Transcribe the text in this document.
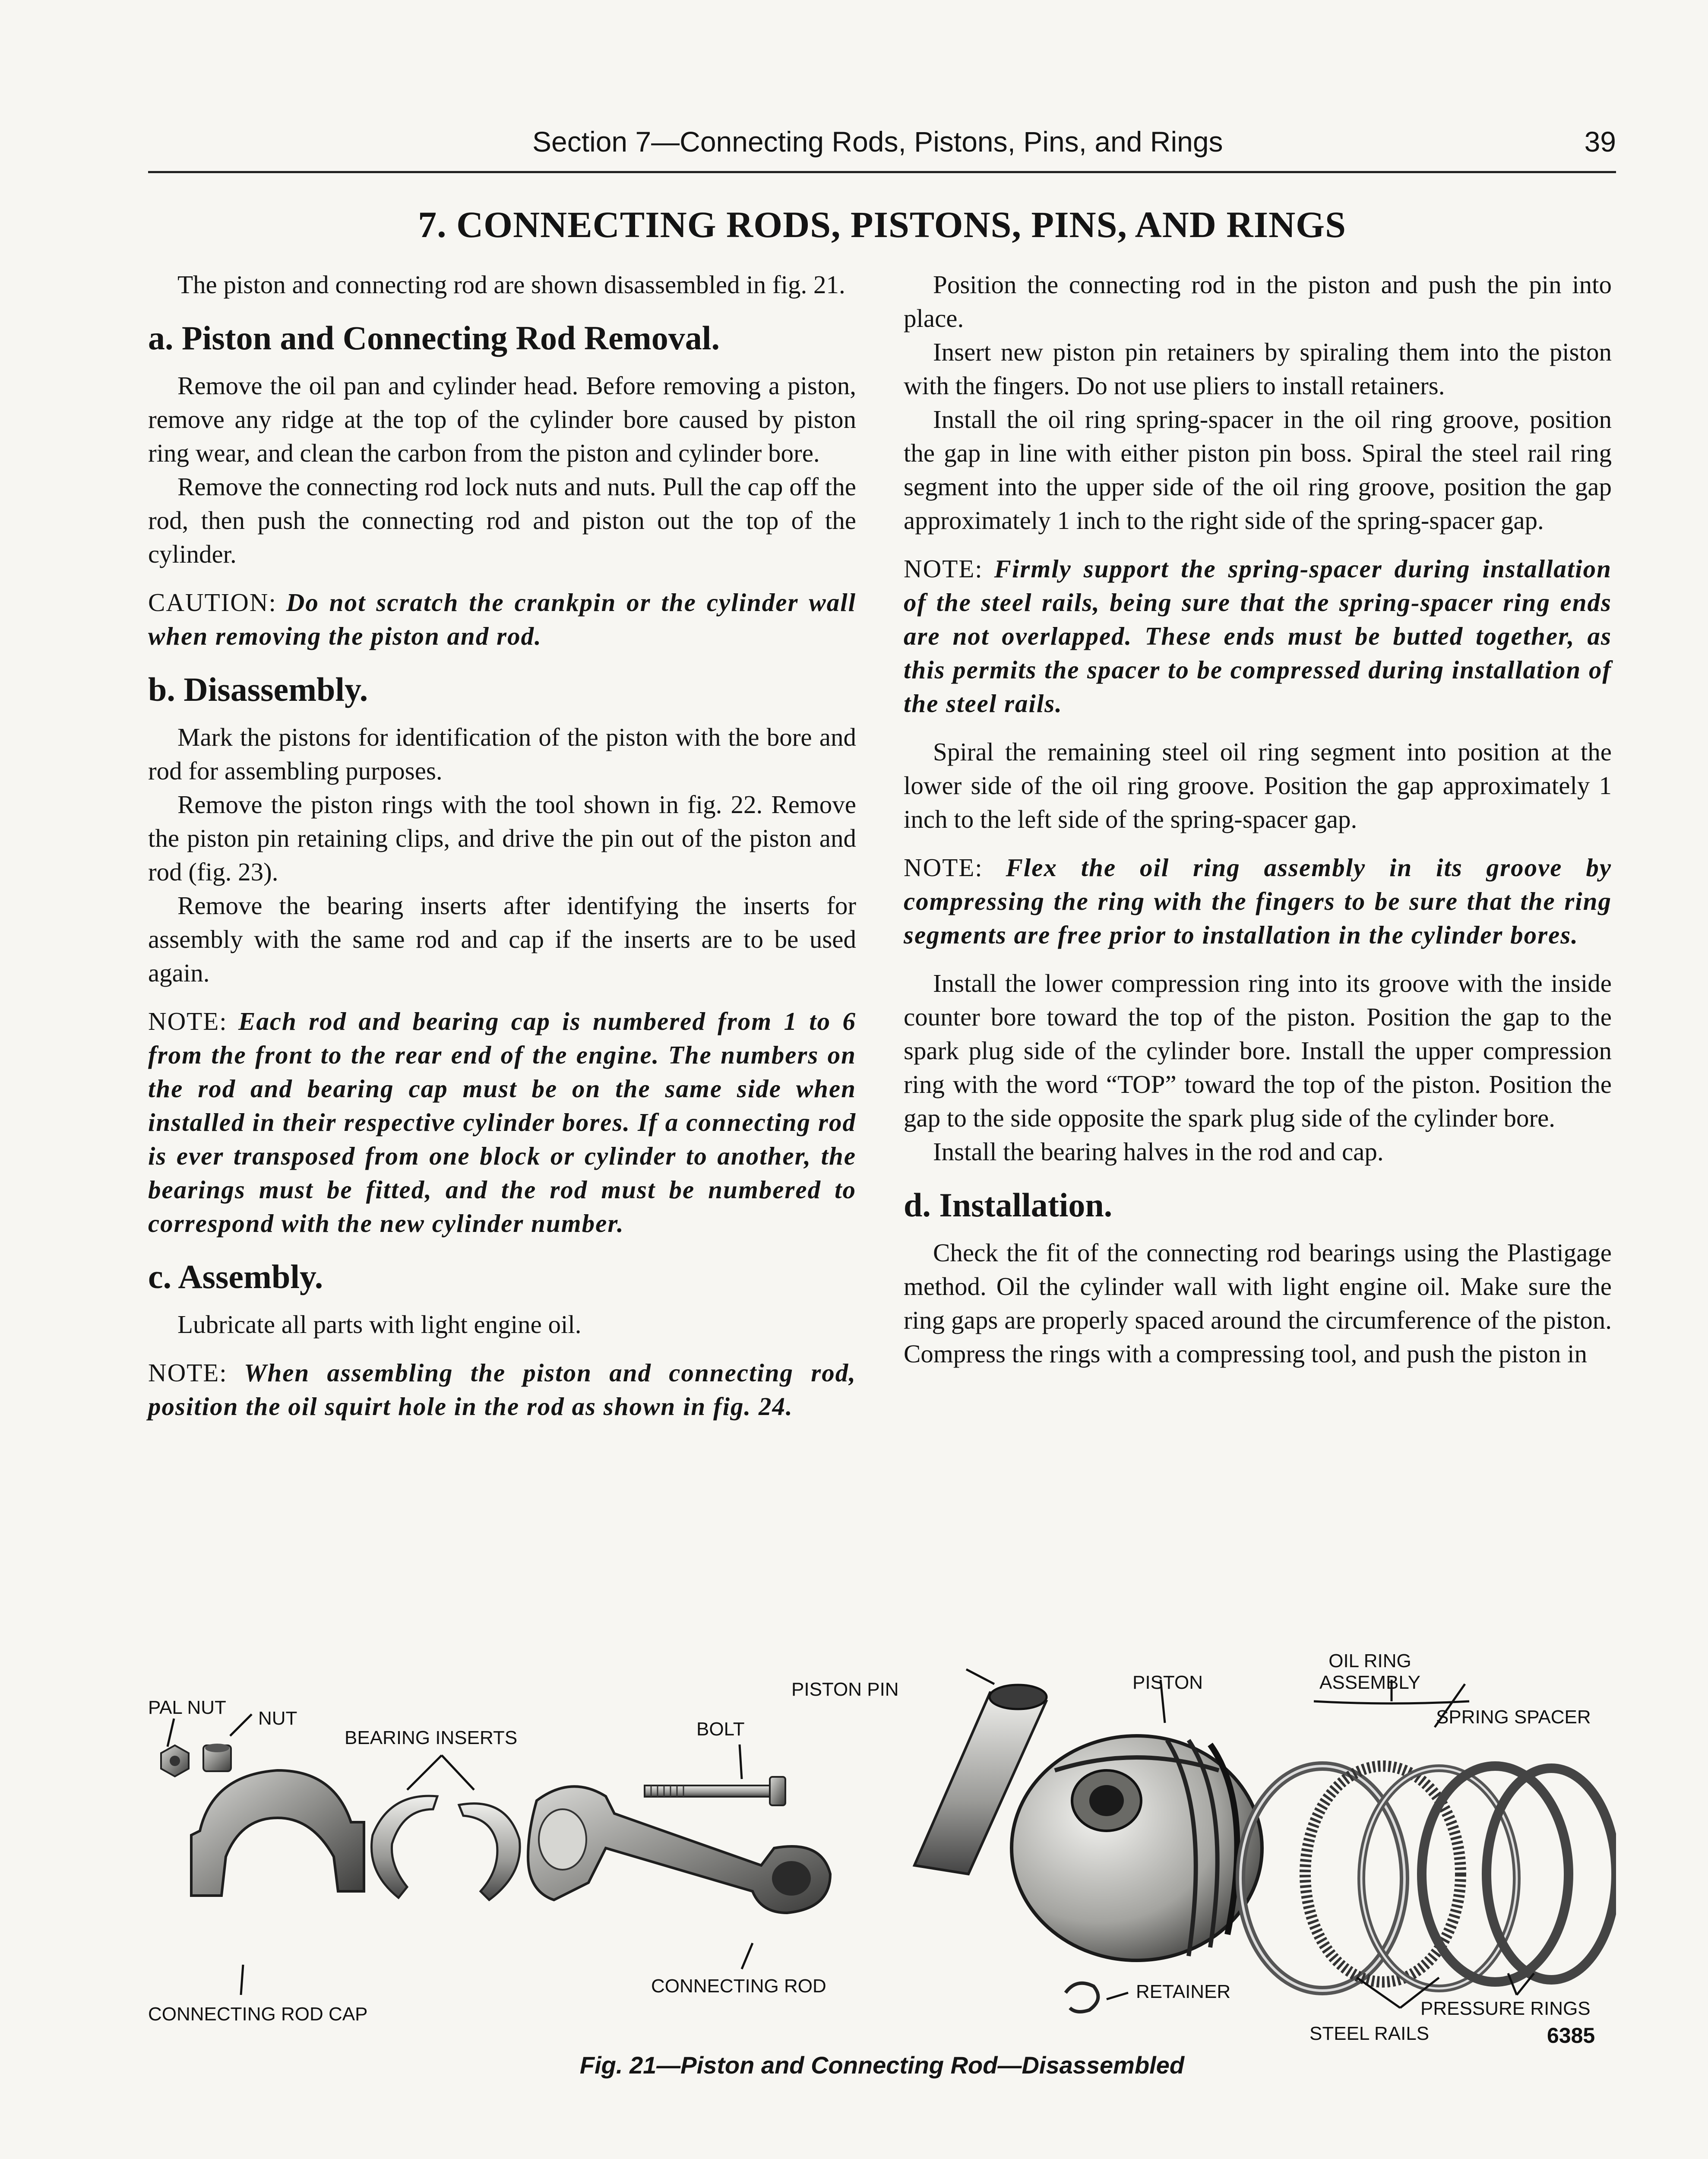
Section 7—Connecting Rods, Pistons, Pins, and Rings	39
7. CONNECTING RODS, PISTONS, PINS, AND RINGS

The piston and connecting rod are shown disassembled in fig. 21.

a. Piston and Connecting Rod Removal.

Remove the oil pan and cylinder head. Before removing a piston, remove any ridge at the top of the cylinder bore caused by piston ring wear, and clean the carbon from the piston and cylinder bore.

Remove the connecting rod lock nuts and nuts. Pull the cap off the rod, then push the connecting rod and piston out the top of the cylinder.

CAUTION: Do not scratch the crankpin or the cylinder wall when removing the piston and rod.

b. Disassembly.

Mark the pistons for identification of the piston with the bore and rod for assembling purposes.

Remove the piston rings with the tool shown in fig. 22. Remove the piston pin retaining clips, and drive the pin out of the piston and rod (fig. 23).

Remove the bearing inserts after identifying the inserts for assembly with the same rod and cap if the inserts are to be used again.

NOTE: Each rod and bearing cap is numbered from 1 to 6 from the front to the rear end of the engine. The numbers on the rod and bearing cap must be on the same side when installed in their respective cylinder bores. If a connecting rod is ever transposed from one block or cylinder to another, the bearings must be fitted, and the rod must be numbered to correspond with the new cylinder number.

c. Assembly.

Lubricate all parts with light engine oil.

NOTE: When assembling the piston and connecting rod, position the oil squirt hole in the rod as shown in fig. 24.

Position the connecting rod in the piston and push the pin into place.

Insert new piston pin retainers by spiraling them into the piston with the fingers. Do not use pliers to install retainers.

Install the oil ring spring-spacer in the oil ring groove, position the gap in line with either piston pin boss. Spiral the steel rail ring segment into the upper side of the oil ring groove, position the gap approximately 1 inch to the right side of the spring-spacer gap.

NOTE: Firmly support the spring-spacer during installation of the steel rails, being sure that the spring-spacer ring ends are not overlapped. These ends must be butted together, as this permits the spacer to be compressed during installation of the steel rails.

Spiral the remaining steel oil ring segment into position at the lower side of the oil ring groove. Position the gap approximately 1 inch to the left side of the spring-spacer gap.

NOTE: Flex the oil ring assembly in its groove by compressing the ring with the fingers to be sure that the ring segments are free prior to installation in the cylinder bores.

Install the lower compression ring into its groove with the inside counter bore toward the top of the piston. Position the gap to the spark plug side of the cylinder bore. Install the upper compression ring with the word “TOP” toward the top of the piston. Position the gap to the side opposite the spark plug side of the cylinder bore.

Install the bearing halves in the rod and cap.

d. Installation.

Check the fit of the connecting rod bearings using the Plastigage method. Oil the cylinder wall with light engine oil. Make sure the ring gaps are properly spaced around the circumference of the piston. Compress the rings with a compressing tool, and push the piston in

PAL NUT
NUT
BEARING INSERTS	BOLT
PISTON PIN	PISTON
OIL RING
ASSEMBLY
SPRING SPACER
CONNECTING ROD
CONNECTING ROD CAP
RETAINER
STEEL RAILS
PRESSURE RINGS
6385
Fig. 21—Piston and Connecting Rod—Disassembled
